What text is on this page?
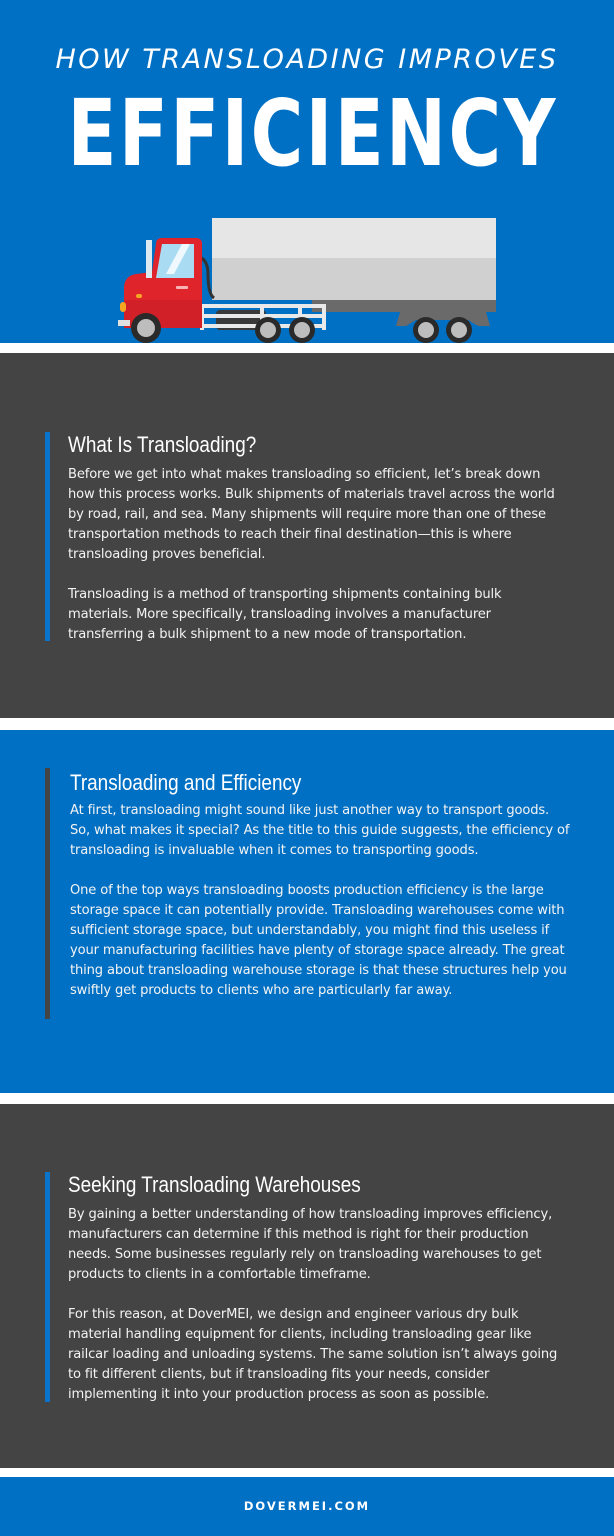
HOW TRANSLOADING IMPROVES
EFFICIENCY
What Is Transloading?

Before we get into what makes transloading so efficient, let’s break down how this process works. Bulk shipments of materials travel across the world by road, rail, and sea. Many shipments will require more than one of these transportation methods to reach their final destination—this is where transloading proves beneficial.

Transloading is a method of transporting shipments containing bulk materials. More specifically, transloading involves a manufacturer transferring a bulk shipment to a new mode of transportation.

Transloading and Efficiency

At first, transloading might sound like just another way to transport goods. So, what makes it special? As the title to this guide suggests, the efficiency of transloading is invaluable when it comes to transporting goods.

One of the top ways transloading boosts production efficiency is the large storage space it can potentially provide. Transloading warehouses come with sufficient storage space, but understandably, you might find this useless if your manufacturing facilities have plenty of storage space already. The great thing about transloading warehouse storage is that these structures help you swiftly get products to clients who are particularly far away.

Seeking Transloading Warehouses

By gaining a better understanding of how transloading improves efficiency, manufacturers can determine if this method is right for their production needs. Some businesses regularly rely on transloading warehouses to get products to clients in a comfortable timeframe.

For this reason, at DoverMEI, we design and engineer various dry bulk material handling equipment for clients, including transloading gear like railcar loading and unloading systems. The same solution isn’t always going to fit different clients, but if transloading fits your needs, consider implementing it into your production process as soon as possible.

DOVERMEI.COM
